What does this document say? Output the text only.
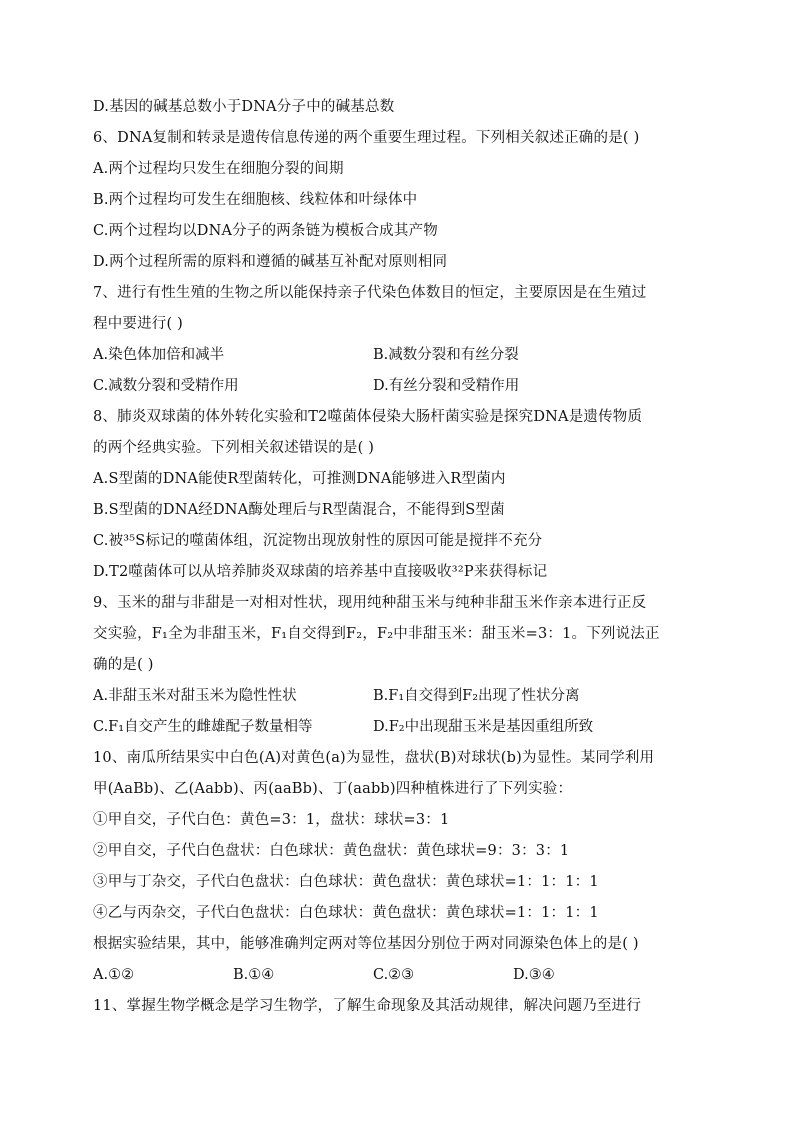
D.基因的碱基总数小于DNA分子中的碱基总数
6、DNA复制和转录是遗传信息传递的两个重要生理过程。下列相关叙述正确的是( )
A.两个过程均只发生在细胞分裂的间期
B.两个过程均可发生在细胞核、线粒体和叶绿体中
C.两个过程均以DNA分子的两条链为模板合成其产物
D.两个过程所需的原料和遵循的碱基互补配对原则相同
7、进行有性生殖的生物之所以能保持亲子代染色体数目的恒定，主要原因是在生殖过
程中要进行( )
A.染色体加倍和减半	B.减数分裂和有丝分裂
C.减数分裂和受精作用	D.有丝分裂和受精作用
8、肺炎双球菌的体外转化实验和T2噬菌体侵染大肠杆菌实验是探究DNA是遗传物质
的两个经典实验。下列相关叙述错误的是( )
A.S型菌的DNA能使R型菌转化，可推测DNA能够进入R型菌内
B.S型菌的DNA经DNA酶处理后与R型菌混合，不能得到S型菌
C.被³⁵S标记的噬菌体组，沉淀物出现放射性的原因可能是搅拌不充分
D.T2噬菌体可以从培养肺炎双球菌的培养基中直接吸收³²P来获得标记
9、玉米的甜与非甜是一对相对性状，现用纯种甜玉米与纯种非甜玉米作亲本进行正反
交实验，F₁全为非甜玉米，F₁自交得到F₂，F₂中非甜玉米：甜玉米=3：1。下列说法正
确的是( )
A.非甜玉米对甜玉米为隐性性状	B.F₁自交得到F₂出现了性状分离
C.F₁自交产生的雌雄配子数量相等	D.F₂中出现甜玉米是基因重组所致
10、南瓜所结果实中白色(A)对黄色(a)为显性，盘状(B)对球状(b)为显性。某同学利用
甲(AaBb)、乙(Aabb)、丙(aaBb)、丁(aabb)四种植株进行了下列实验：
①甲自交，子代白色：黄色=3：1，盘状：球状=3：1
②甲自交，子代白色盘状：白色球状：黄色盘状：黄色球状=9：3：3：1
③甲与丁杂交，子代白色盘状：白色球状：黄色盘状：黄色球状=1：1：1：1
④乙与丙杂交，子代白色盘状：白色球状：黄色盘状：黄色球状=1：1：1：1
根据实验结果，其中，能够准确判定两对等位基因分别位于两对同源染色体上的是( )
A.①②	B.①④	C.②③	D.③④
11、掌握生物学概念是学习生物学，了解生命现象及其活动规律，解决问题乃至进行
